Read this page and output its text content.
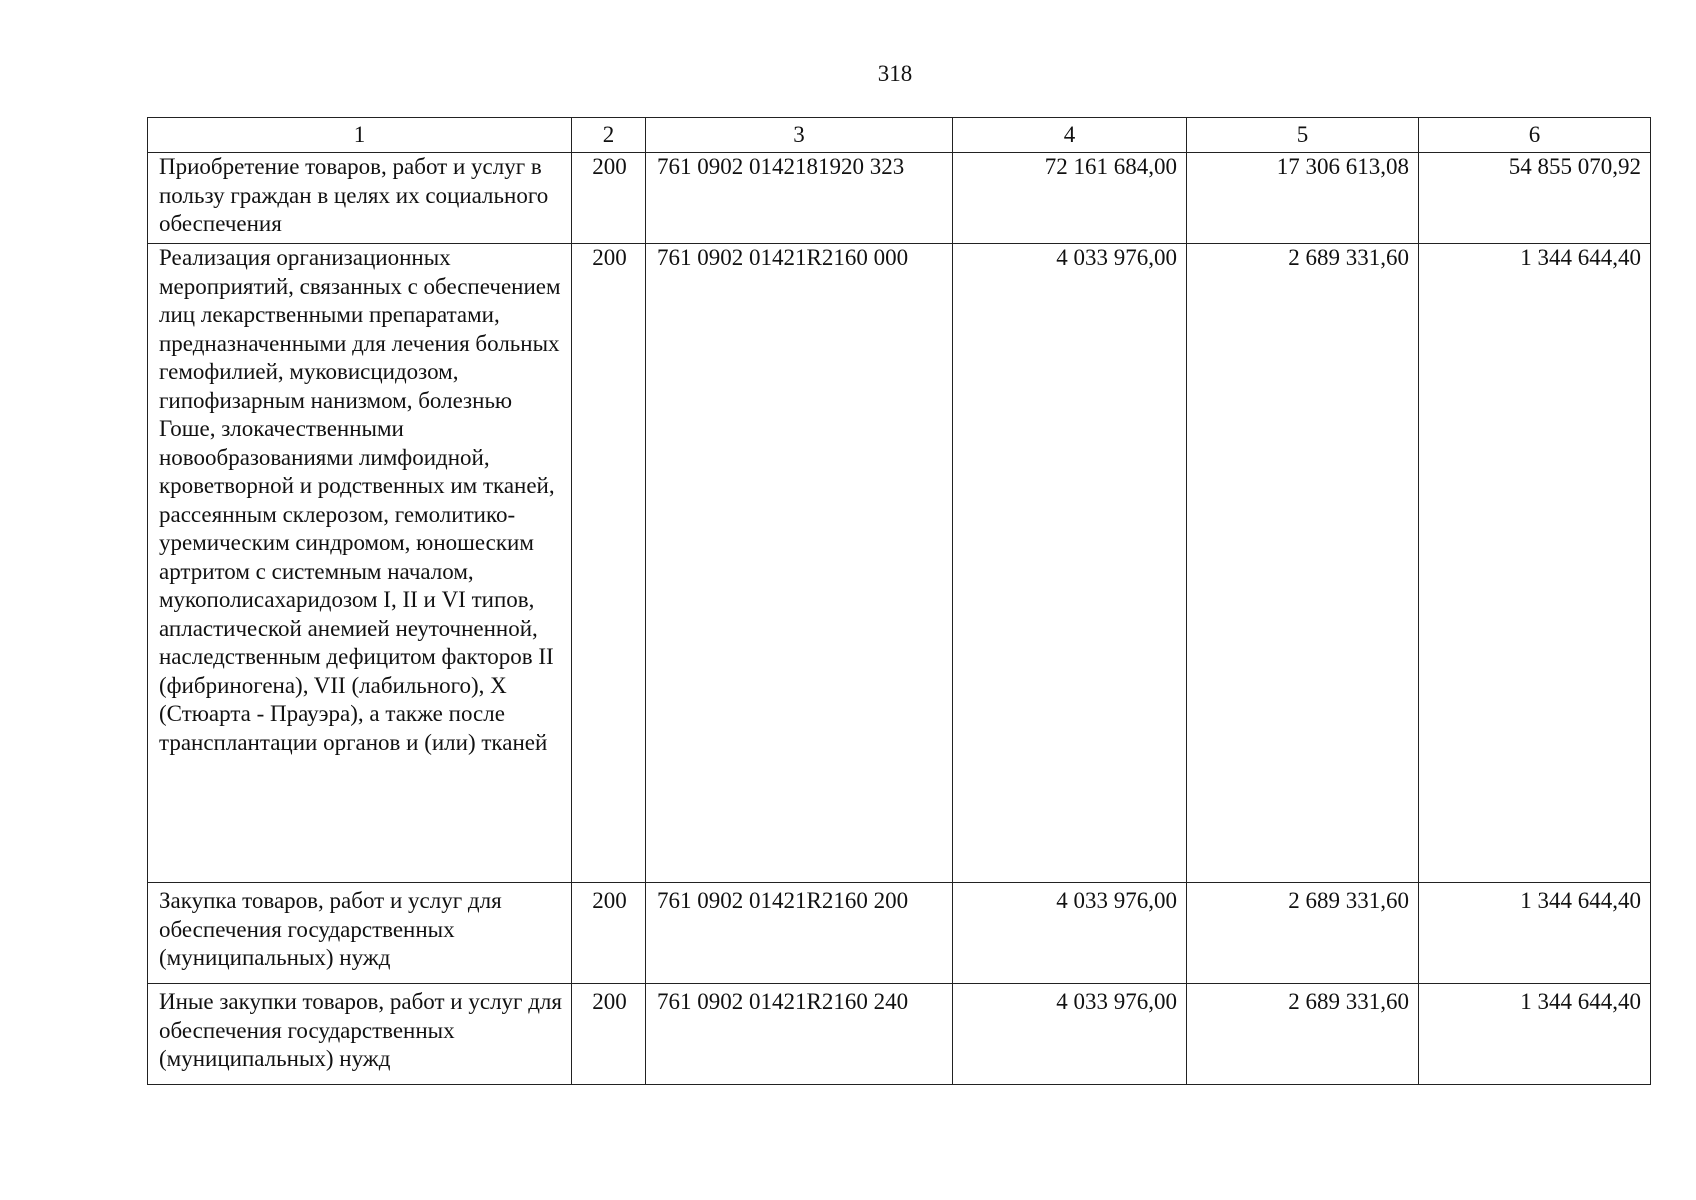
318
1	2	3	4	5	6
Приобретение товаров, работ и услуг в пользу граждан в целях их социального обеспечения	200	761 0902 0142181920 323	72 161 684,00	17 306 613,08	54 855 070,92
Реализация организационных мероприятий, связанных с обеспечением лиц лекарственными препаратами, предназначенными для лечения больных гемофилией, муковисцидозом, гипофизарным нанизмом, болезнью Гоше, злокачественными новообразованиями лимфоидной, кроветворной и родственных им тканей, рассеянным склерозом, гемолитико-уремическим синдромом, юношеским артритом с системным началом, мукополисахаридозом I, II и VI типов, апластической анемией неуточненной, наследственным дефицитом факторов II (фибриногена), VII (лабильного), X (Стюарта - Прауэра), а также после трансплантации органов и (или) тканей	200	761 0902 01421R2160 000	4 033 976,00	2 689 331,60	1 344 644,40
Закупка товаров, работ и услуг для обеспечения государственных (муниципальных) нужд	200	761 0902 01421R2160 200	4 033 976,00	2 689 331,60	1 344 644,40
Иные закупки товаров, работ и услуг для обеспечения государственных (муниципальных) нужд	200	761 0902 01421R2160 240	4 033 976,00	2 689 331,60	1 344 644,40
